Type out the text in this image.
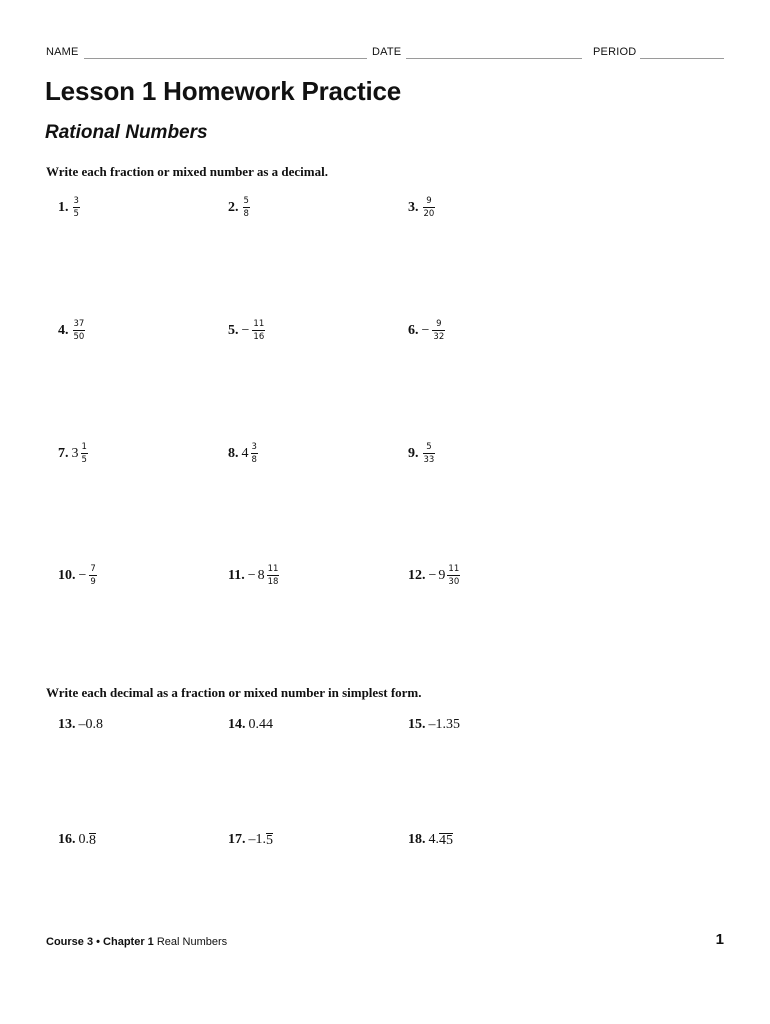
NAME	DATE	PERIOD
Lesson 1 Homework Practice
Rational Numbers

Write each fraction or mixed number as a decimal.

1. $\frac{3}{5}$	2. $\frac{5}{8}$	3. $\frac{9}{20}$
4. $\frac{37}{50}$	5. − $\frac{11}{16}$	6. − $\frac{9}{32}$
7. $3 \frac{1}{5}$	8. $4 \frac{3}{8}$	9. $\frac{5}{33}$
10. − $\frac{7}{9}$	11. − $8 \frac{11}{18}$	12. − $9 \frac{11}{30}$

Write each decimal as a fraction or mixed number in simplest form.

13. –0.8	14. 0.44	15. –1.35
16. 0. 8	17. –1. 5	18. 4. 45
Course 3 • Chapter 1 Real Numbers	1
